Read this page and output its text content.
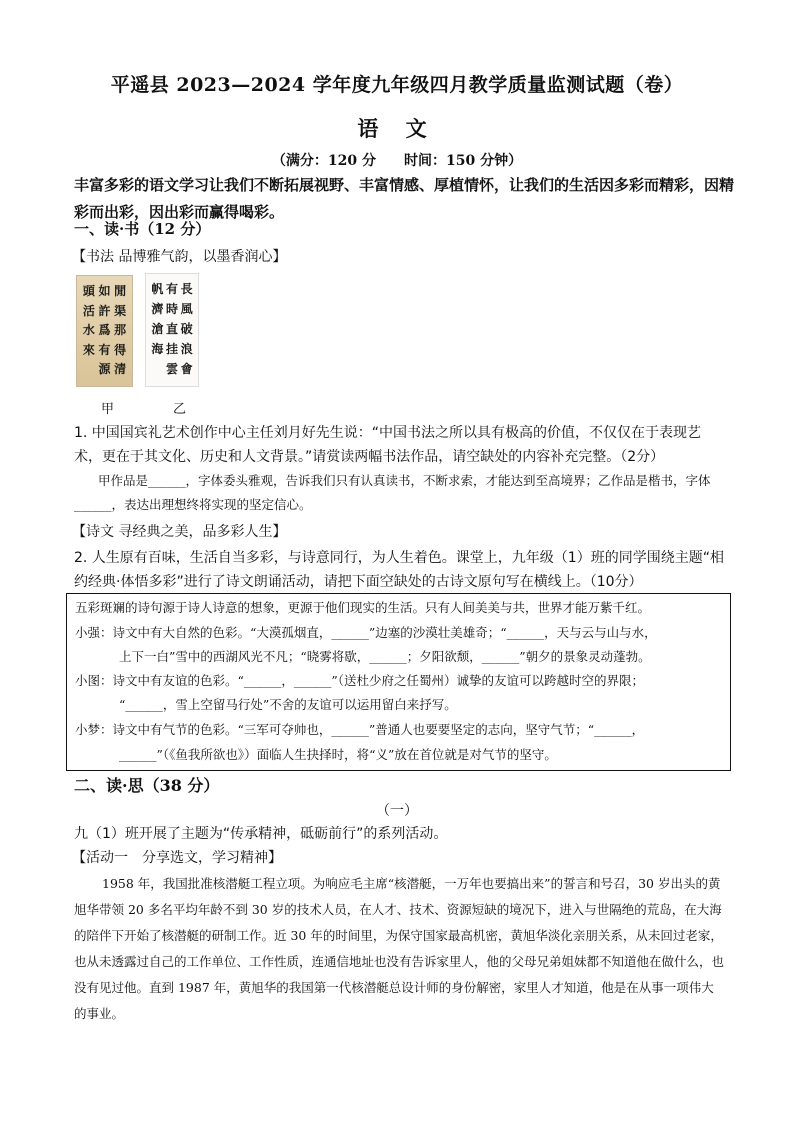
平遥县 2023—2024 学年度九年级四月教学质量监测试题（卷）
语 文
（满分：120 分　　时间：150 分钟）
丰富多彩的语文学习让我们不断拓展视野、丰富情感、厚植情怀，让我们的生活因多彩而精彩，因精彩而出彩，因出彩而赢得喝彩。
一、读·书（12 分）
【书法 品博雅气韵，以墨香润心】
閒
渠
那
得
清
如
許
爲
有
源
頭
活
水
來
長
風
破
浪
會
有
時
直
挂
雲
帆
濟
滄
海
甲	乙
1. 中国国宾礼艺术创作中心主任刘月好先生说：“中国书法之所以具有极高的价值，不仅仅在于表现艺术，更在于其文化、历史和人文背景。”请赏读两幅书法作品，请空缺处的内容补充完整。（2分）
甲作品是______，字体委头雅观，告诉我们只有认真读书，不断求索，才能达到至高境界；乙作品是楷书，字体______，表达出理想终将实现的坚定信心。
【诗文 寻经典之美，品多彩人生】
2. 人生原有百味，生活自当多彩，与诗意同行，为人生着色。课堂上，九年级（1）班的同学围绕主题“相约经典·体悟多彩”进行了诗文朗诵活动，请把下面空缺处的古诗文原句写在横线上。（10分）
五彩斑斓的诗句源于诗人诗意的想象，更源于他们现实的生活。只有人间美美与共，世界才能万紫千红。
小强：诗文中有大自然的色彩。“大漠孤烟直，______”边塞的沙漠壮美雄奇；“______，天与云与山与水，
上下一白”雪中的西湖风光不凡；“晓雾将歇，______；夕阳欲颓，______”朝夕的景象灵动蓬勃。
小图：诗文中有友谊的色彩。“______，______”（送杜少府之任蜀州）诚挚的友谊可以跨越时空的界限；
“______，雪上空留马行处”不舍的友谊可以运用留白来抒写。
小梦：诗文中有气节的色彩。“三军可夺帅也，______”普通人也要要坚定的志向，坚守气节；“______，
______”（《鱼我所欲也》）面临人生抉择时，将“义”放在首位就是对气节的坚守。
二、读·思（38 分）
（一）
九（1）班开展了主题为“传承精神，砥砺前行”的系列活动。
【活动一　分享选文，学习精神】
1958 年，我国批准核潜艇工程立项。为响应毛主席“核潜艇，一万年也要搞出来”的誓言和号召，30 岁出头的黄旭华带领 20 多名平均年龄不到 30 岁的技术人员，在人才、技术、资源短缺的境况下，进入与世隔绝的荒岛，在大海的陪伴下开始了核潜艇的研制工作。近 30 年的时间里，为保守国家最高机密，黄旭华淡化亲朋关系，从未回过老家，也从未透露过自己的工作单位、工作性质，连通信地址也没有告诉家里人，他的父母兄弟姐妹都不知道他在做什么，也没有见过他。直到 1987 年，黄旭华的我国第一代核潜艇总设计师的身份解密，家里人才知道，他是在从事一项伟大的事业。
